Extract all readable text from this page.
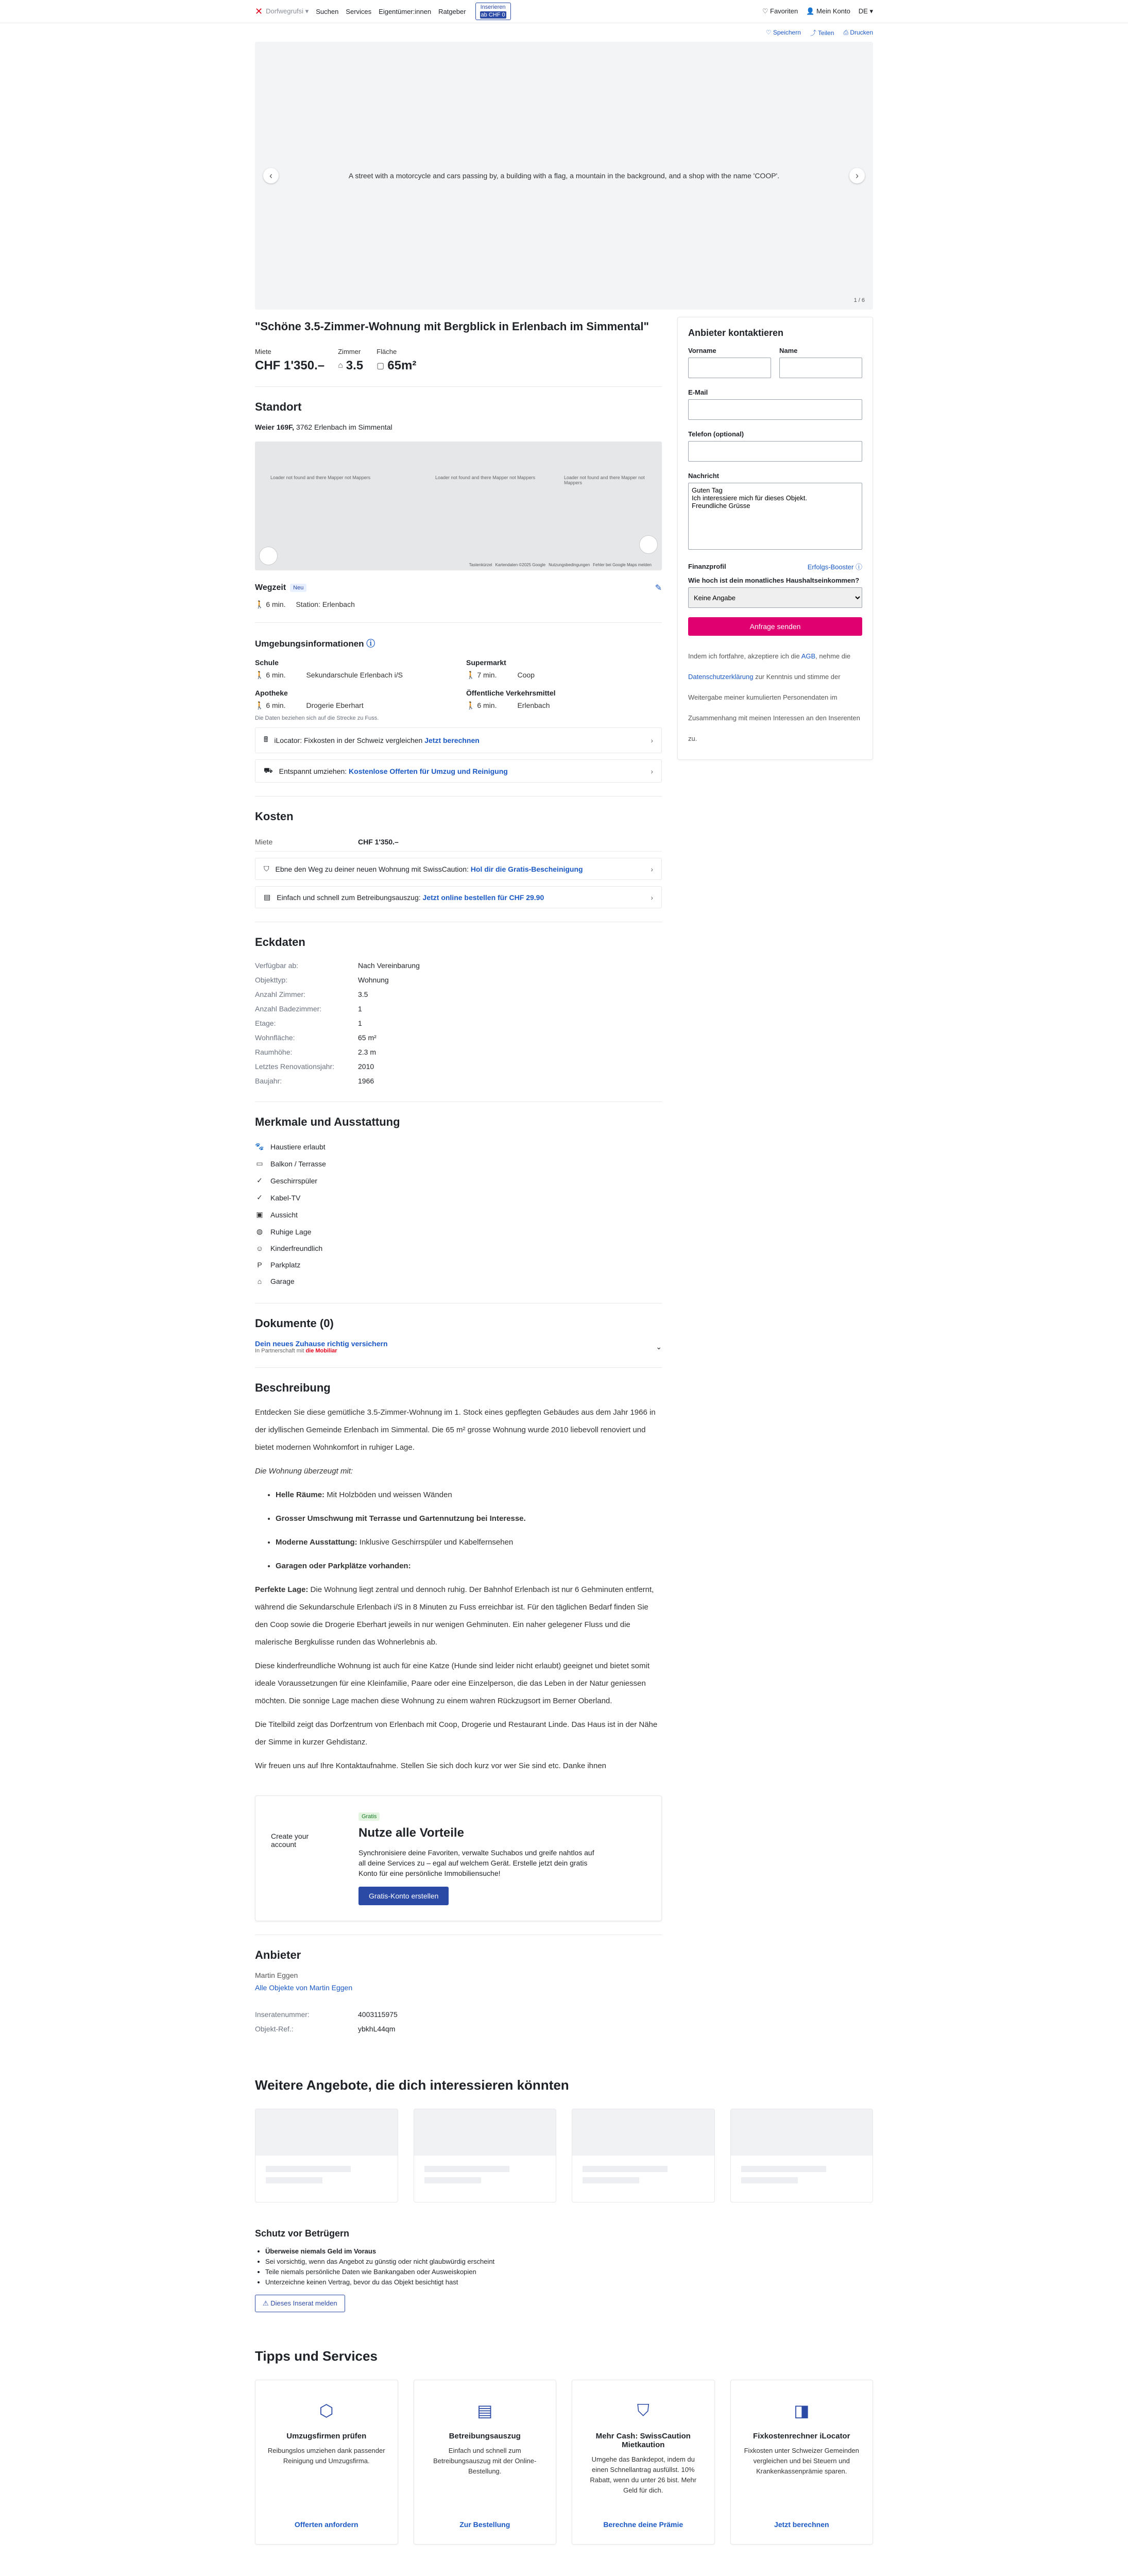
✕ Dorfwegrufsi ▾ Suchen Services Eigentümer:innen Ratgeber
Inserieren
ab CHF 0	♡ Favoriten 👤 Mein Konto DE ▾
♡ Speichern ⤴ Teilen ⎙ Drucken
A street with a motorcycle and cars passing by, a building with a flag, a mountain in the background, and a shop with the name 'COOP'.
‹	›
1 / 6
"Schöne 3.5-Zimmer-Wohnung mit Bergblick in Erlenbach im Simmental"
Miete
CHF 1'350.–
Zimmer
⌂ 3.5
Fläche
▢ 65m²
Standort
Weier 169F, 3762 Erlenbach im Simmental
Loader not found and there Mapper not Mappers	Loader not found and there Mapper not Mappers	Loader not found and there Mapper not Mappers
Tastenkürzel Kartendaten ©2025 Google Nutzungsbedingungen Fehler bei Google Maps melden
Wegzeit	Neu	✎
🚶 6 min. Station: Erlenbach
Umgebungsinformationen ⓘ
Schule
🚶 6 min.	Sekundarschule Erlenbach i/S
Supermarkt
🚶 7 min.	Coop
Apotheke
🚶 6 min.	Drogerie Eberhart
Öffentliche Verkehrsmittel
🚶 6 min.	Erlenbach
Die Daten beziehen sich auf die Strecke zu Fuss.
🖩 iLocator: Fixkosten in der Schweiz vergleichen Jetzt berechnen	›
⛟ Entspannt umziehen: Kostenlose Offerten für Umzug und Reinigung	›
Kosten
Miete	CHF 1'350.–
⛉ Ebne den Weg zu deiner neuen Wohnung mit SwissCaution: Hol dir die Gratis-Bescheinigung	›
▤ Einfach und schnell zum Betreibungsauszug: Jetzt online bestellen für CHF 29.90	›
Eckdaten
Verfügbar ab:	Nach Vereinbarung
Objekttyp:	Wohnung
Anzahl Zimmer:	3.5
Anzahl Badezimmer:	1
Etage:	1
Wohnfläche:	65 m²
Raumhöhe:	2.3 m
Letztes Renovationsjahr:	2010
Baujahr:	1966
Merkmale und Ausstattung
🐾 Haustiere erlaubt
▭ Balkon / Terrasse
✓ Geschirrspüler
✓ Kabel-TV
▣ Aussicht
◍ Ruhige Lage
☺ Kinderfreundlich
P	Parkplatz
⌂	Garage
Dokumente (0)
Dein neues Zuhause richtig versichern
In Partnerschaft mit die Mobiliar
⌄
Beschreibung

Entdecken Sie diese gemütliche 3.5-Zimmer-Wohnung im 1. Stock eines gepflegten Gebäudes aus dem Jahr 1966 in der idyllischen Gemeinde Erlenbach im Simmental. Die 65 m² grosse Wohnung wurde 2010 liebevoll renoviert und bietet modernen Wohnkomfort in ruhiger Lage.

Die Wohnung überzeugt mit:

• Helle Räume: Mit Holzböden und weissen Wänden
• Grosser Umschwung mit Terrasse und Gartennutzung bei Interesse.
• Moderne Ausstattung: Inklusive Geschirrspüler und Kabelfernsehen
• Garagen oder Parkplätze vorhanden:

Perfekte Lage: Die Wohnung liegt zentral und dennoch ruhig. Der Bahnhof Erlenbach ist nur 6 Gehminuten entfernt, während die Sekundarschule Erlenbach i/S in 8 Minuten zu Fuss erreichbar ist. Für den täglichen Bedarf finden Sie den Coop sowie die Drogerie Eberhart jeweils in nur wenigen Gehminuten. Ein naher gelegener Fluss und die malerische Bergkulisse runden das Wohnerlebnis ab.

Diese kinderfreundliche Wohnung ist auch für eine Katze (Hunde sind leider nicht erlaubt) geeignet und bietet somit ideale Voraussetzungen für eine Kleinfamilie, Paare oder eine Einzelperson, die das Leben in der Natur geniessen möchten. Die sonnige Lage machen diese Wohnung zu einem wahren Rückzugsort im Berner Oberland.

Die Titelbild zeigt das Dorfzentrum von Erlenbach mit Coop, Drogerie und Restaurant Linde. Das Haus ist in der Nähe der Simme in kurzer Gehdistanz.

Wir freuen uns auf Ihre Kontaktaufnahme. Stellen Sie sich doch kurz vor wer Sie sind etc. Danke ihnen

Create your account
Gratis
Nutze alle Vorteile

Synchronisiere deine Favoriten, verwalte Suchabos und greife nahtlos auf all deine Services zu – egal auf welchem Gerät. Erstelle jetzt dein gratis Konto für eine persönliche Immobiliensuche!

Gratis-Konto erstellen
Anbieter
Martin Eggen
Alle Objekte von Martin Eggen
Inseratenummer:	4003115975
Objekt-Ref.:	ybkhL44qm
Anbieter kontaktieren
Vorname	Name
E-Mail
Telefon (optional)
Nachricht
Guten Tag Ich interessiere mich für dieses Objekt. Freundliche Grüsse
Finanzprofil	Erfolgs-Booster ⓘ
Wie hoch ist dein monatliches Haushaltseinkommen?
Keine Angabe
Anfrage senden
Indem ich fortfahre, akzeptiere ich die AGB, nehme die Datenschutzerklärung zur Kenntnis und stimme der Weitergabe meiner kumulierten Personendaten im Zusammenhang mit meinen Interessen an den Inserenten zu.
Weitere Angebote, die dich interessieren könnten
Schutz vor Betrügern
• Überweise niemals Geld im Voraus
• Sei vorsichtig, wenn das Angebot zu günstig oder nicht glaubwürdig erscheint
• Teile niemals persönliche Daten wie Bankangaben oder Ausweiskopien
• Unterzeichne keinen Vertrag, bevor du das Objekt besichtigt hast
⚠ Dieses Inserat melden
Tipps und Services
⬡
Umzugsfirmen prüfen

Reibungslos umziehen dank passender Reinigung und Umzugsfirma.

Offerten anfordern
▤
Betreibungsauszug

Einfach und schnell zum Betreibungsauszug mit der Online-Bestellung.

Zur Bestellung
⛉
Mehr Cash: SwissCaution Mietkaution

Umgehe das Bankdepot, indem du einen Schnellantrag ausfüllst. 10% Rabatt, wenn du unter 26 bist. Mehr Geld für dich.

Berechne deine Prämie
◨
Fixkostenrechner iLocator

Fixkosten unter Schweizer Gemeinden vergleichen und bei Steuern und Krankenkassenprämie sparen.

Jetzt berechnen
